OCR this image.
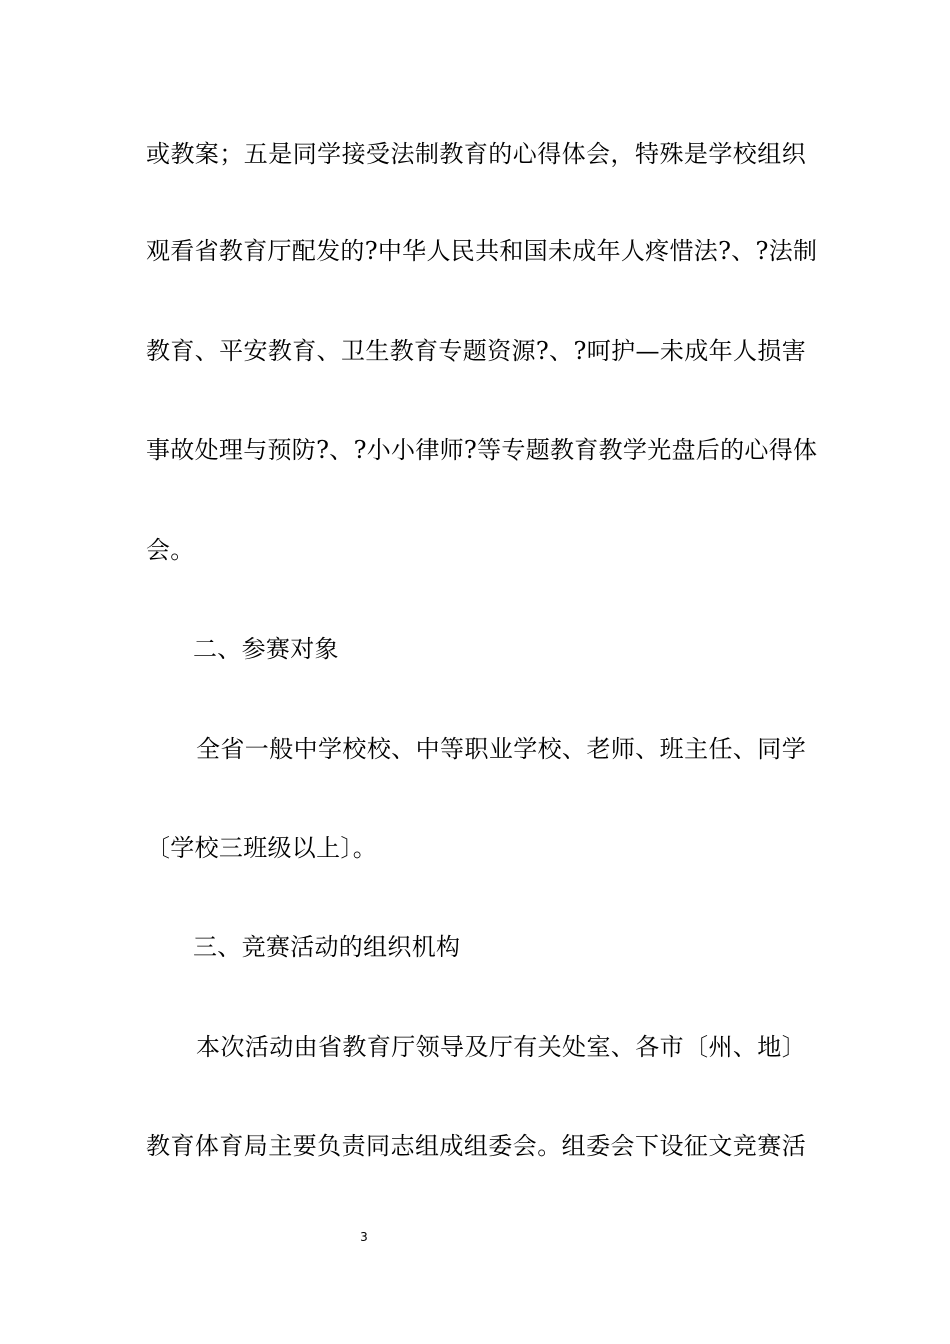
或教案；五是同学接受法制教育的心得体会，特殊是学校组织
观看省教育厅配发的?中华人民共和国未成年人疼惜法?、?法制
教育、平安教育、卫生教育专题资源?、?呵护—未成年人损害
事故处理与预防?、?小小律师?等专题教育教学光盘后的心得体
会。
二、参赛对象
全省一般中学校校、中等职业学校、老师、班主任、同学
〔学校三班级以上〕。
三、竞赛活动的组织机构
本次活动由省教育厅领导及厅有关处室、各市〔州、地〕
教育体育局主要负责同志组成组委会。组委会下设征文竞赛活
3
